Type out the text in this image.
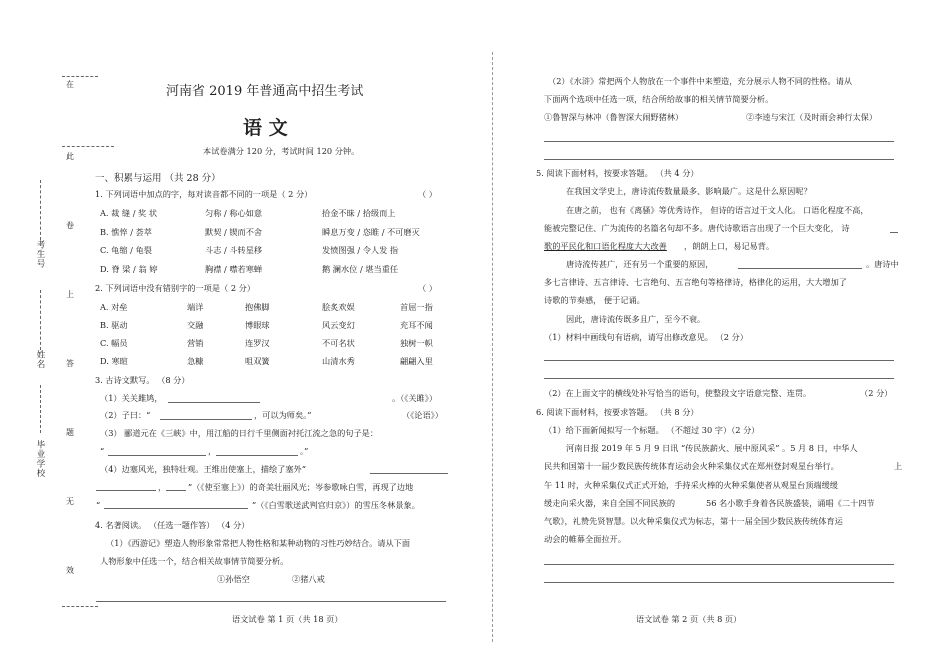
在
此
卷
上
答
题
无
效
考生号
姓名
毕业学校
河南省 2019 年普通高中招生考试
语 文
本试卷满分 120 分，考试时间 120 分钟。
一、积累与运用 （共 28 分）
1. 下列词语中加点的字，每对读音都不同的一项是（ 2 分）	（ ）
A. 裁 缝 / 奖 状	匀称 / 称心如意	拾金不昧 / 拾级而上
B. 憔悴 / 荟萃	默契 / 锲而不舍	瞬息万变 / 恣睢 / 不可磨灭
C. 龟缩 / 龟裂	斗志 / 斗转星移	发愤图强 / 令人发 指
D. 脊 梁 / 翁 婷	胸襟 / 噤若寒蝉	鹅 澜水位 / 堪当重任
2. 下列词语中没有错别字的一项是（ 2 分）	（ ）
A. 对垒	端详	抱佛脚	脍炙欢娱	首屈一指
B. 驱动	交融	博眼球	风云变幻	充耳不闻
C. 幅员	营销	连罗汉	不可名状	独树一帜
D. 寒暄	急糠	咀双簧	山清水秀	翩翩入里
3. 古诗文默写。 （8 分）
（1）关关雎鸠，	。（《关雎》）
（2）子曰：“	，可以为师矣。”	（《论语》）
（3） 郦道元在《三峡》中，用江船的日行千里侧面衬托江流之急的句子是：
“	，	。”
（4）边塞风光，独特壮观。王维出使塞上，描绘了塞外“
，	”（《使至塞上》）的奇美壮丽风光；岑参歌咏白雪，再现了边地
“	”（《白雪歌送武判官归京》）的雪压冬林景象。
4. 名著阅读。 （任选一题作答） （4 分）
（1）《西游记》塑造人物形象常常把人物性格和某种动物的习性巧妙结合。请从下面
人物形象中任选一个，结合相关故事情节简要分析。
①孙悟空	②猪八戒
语文试卷 第 1 页（共 18 页）
（2）《水浒》常把两个人物放在一个事件中来塑造，充分展示人物不同的性格。请从
下面两个选项中任选一项，结合所给故事的相关情节简要分析。
①鲁智深与林冲（鲁智深大闹野猪林）	②李逵与宋江（及时雨会神行太保）
5. 阅读下面材料，按要求答题。 （共 4 分）
在我国文学史上，唐诗流传数量最多、影响最广。这是什么原因呢？
在唐之前， 也有《离骚》等优秀诗作， 但诗的语言过于文人化。 口语化程度不高，
能被完整记住、广为流传的名篇名句却不多。唐代诗歌语言出现了一个巨大变化， 诗
歌的平民化和口语化程度大大改善 ，朗朗上口，易记易背。
唐诗流传甚广，还有另一个重要的原因，	。唐诗中
多七言律诗、五言律诗、七言绝句、五言绝句等格律诗，格律化的运用，大大增加了
诗歌的节奏感， 便于记诵。
因此，唐诗流传既多且广，至今不衰。
（1）材料中画线句有语病，请写出修改意见。 （2 分）
（2）在上面文字的横线处补写恰当的语句，使整段文字语意完整、连贯。	（2 分）
6. 阅读下面材料，按要求答题。 （共 8 分）
（1）给下面新闻拟写一个标题。 （不超过 30 字）（2 分）
河南日报 2019 年 5 月 9 日讯 “传民族薪火、展中原风采” 。5 月 8 日，中华人
民共和国第十一届少数民族传统体育运动会火种采集仪式在郑州登封观星台举行。	上
午 11 时，火种采集仪式正式开始，手持采火棒的火种采集使者从观星台顶端缓缓
缓走向采火器，来自全国不同民族的	56 名小歌手身着各民族盛装，诵唱《二十四节
气歌》，礼赞先贤智慧。以火种采集仪式为标志，第十一届全国少数民族传统体育运
动会的帷幕全面拉开。
语文试卷 第 2 页（共 8 页）
